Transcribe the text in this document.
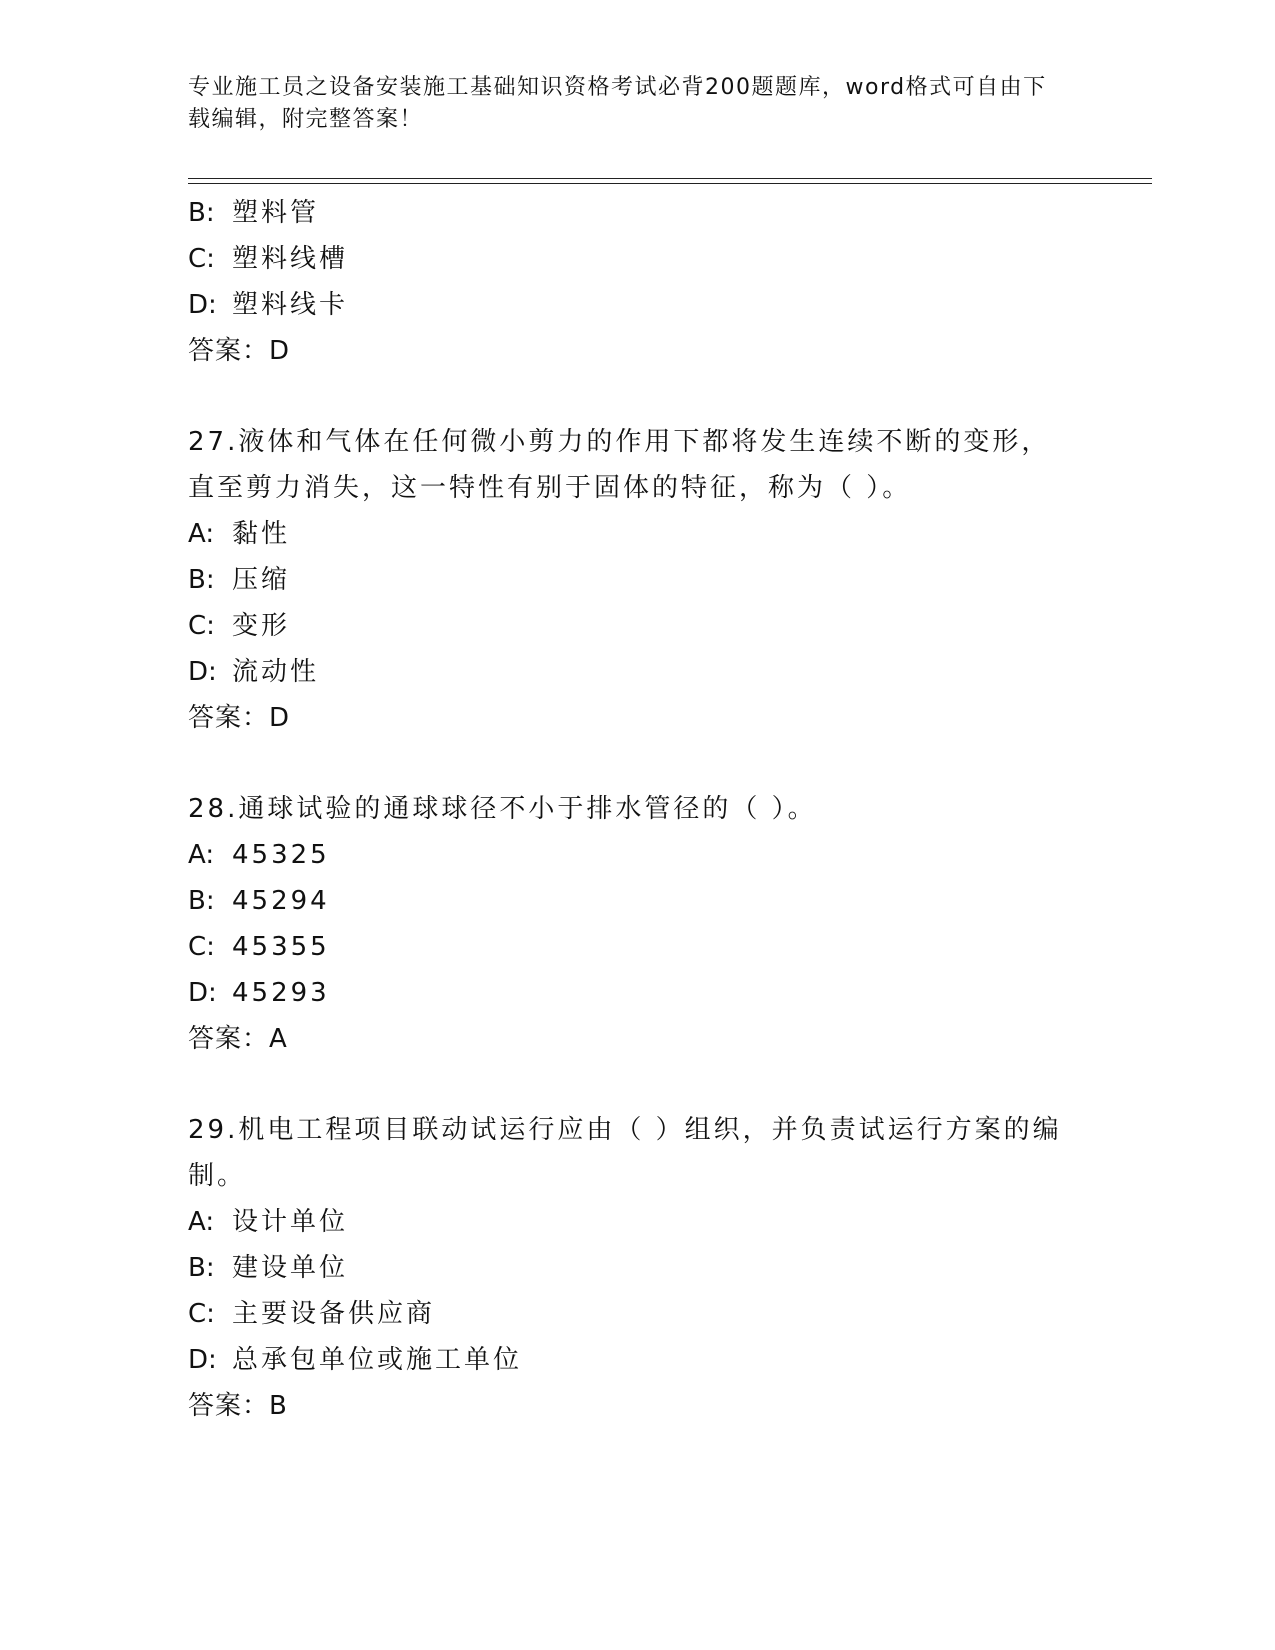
专业施工员之设备安装施工基础知识资格考试必背200题题库，word格式可自由下载编辑，附完整答案！
B: 塑料管
C: 塑料线槽
D: 塑料线卡
答案：D
27.液体和气体在任何微小剪力的作用下都将发生连续不断的变形，直至剪力消失，这一特性有别于固体的特征，称为（ ）。
A: 黏性
B: 压缩
C: 变形
D: 流动性
答案：D
28.通球试验的通球球径不小于排水管径的（ ）。
A: 45325
B: 45294
C: 45355
D: 45293
答案：A
29.机电工程项目联动试运行应由（ ）组织，并负责试运行方案的编制。
A: 设计单位
B: 建设单位
C: 主要设备供应商
D: 总承包单位或施工单位
答案：B
